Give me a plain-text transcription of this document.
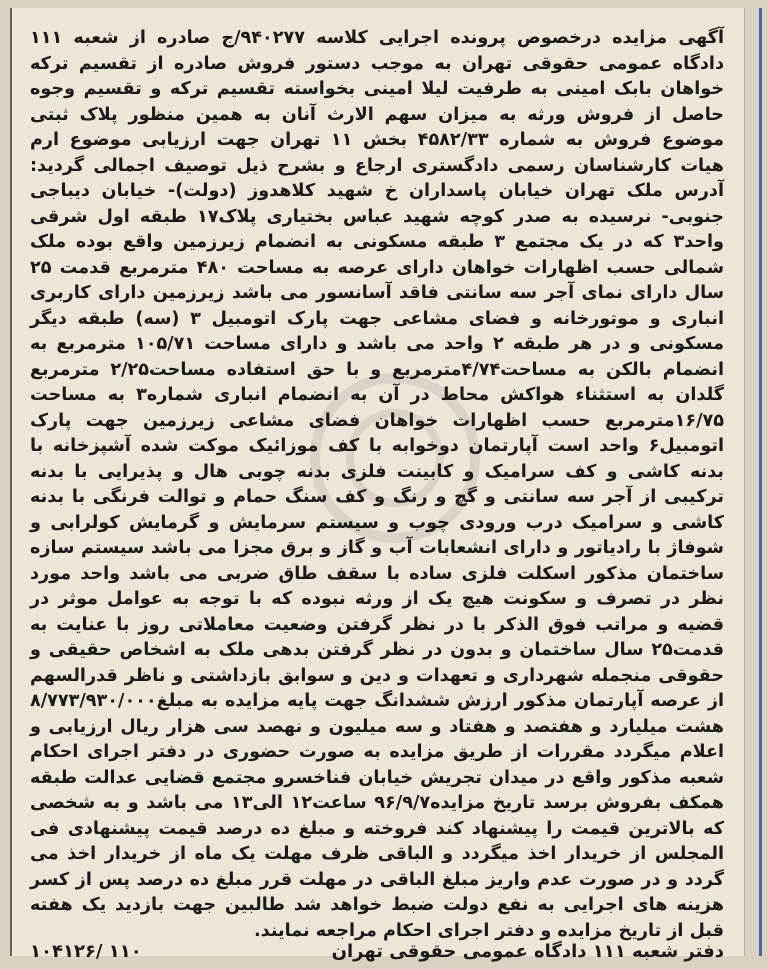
آگهی مزایده درخصوص پرونده اجرایی کلاسه ۹۴۰۲۷۷/ج صادره از شعبه ۱۱۱ دادگاه عمومی حقوقی تهران به موجب دستور فروش صادره از تقسیم ترکه خواهان بابک امینی به طرفیت لیلا امینی بخواسته تقسیم ترکه و تقسیم وجوه حاصل از فروش ورثه به میزان سهم الارث آنان به همین منظور پلاک ثبتی موضوع فروش به شماره ۴۵۸۲/۳۳ بخش ۱۱ تهران جهت ارزیابی موضوع ارم هیات کارشناسان رسمی دادگستری ارجاع و بشرح ذیل توصیف اجمالی گردید: آدرس ملک تهران خیابان پاسداران خ شهید کلاهدوز (دولت)- خیابان دیباجی جنوبی- نرسیده به صدر کوچه شهید عباس بختیاری پلاک۱۷ طبقه اول شرقی واحد۳ که در یک مجتمع ۳ طبقه مسکونی به انضمام زیرزمین واقع بوده ملک شمالی حسب اظهارات خواهان دارای عرصه به مساحت ۴۸۰ مترمربع قدمت ۲۵ سال دارای نمای آجر سه سانتی فاقد آسانسور می باشد زیرزمین دارای کاربری انباری و موتورخانه و فضای مشاعی جهت پارک اتومبیل ۳ (سه) طبقه دیگر مسکونی و در هر طبقه ۲ واحد می باشد و دارای مساحت ۱۰۵/۷۱ مترمربع به انضمام بالکن به مساحت۴/۷۴مترمربع و با حق استفاده مساحت۲/۲۵ مترمربع گلدان به استثناء هواکش محاط در آن به انضمام انباری شماره۳ به مساحت ۱۶/۷۵مترمربع حسب اظهارات خواهان فضای مشاعی زیرزمین جهت پارک اتومبیل۶ واحد است آپارتمان دوخوابه با کف موزائیک موکت شده آشپزخانه با بدنه کاشی و کف سرامیک و کابینت فلزی بدنه چوبی هال و پذیرایی با بدنه ترکیبی از آجر سه سانتی و گچ و رنگ و کف سنگ حمام و توالت فرنگی با بدنه کاشی و سرامیک درب ورودی چوب و سیستم سرمایش و گرمایش کولرابی و شوفاژ با رادیاتور و دارای انشعابات آب و گاز و برق مجزا می باشد سیستم سازه ساختمان مذکور اسکلت فلزی ساده با سقف طاق ضربی می باشد واحد مورد نظر در تصرف و سکونت هیچ یک از ورثه نبوده که با توجه به عوامل موثر در قضیه و مراتب فوق الذکر با در نظر گرفتن وضعیت معاملاتی روز با عنایت به قدمت۲۵ سال ساختمان و بدون در نظر گرفتن بدهی ملک به اشخاص حقیقی و حقوقی منجمله شهرداری و تعهدات و دین و سوابق بازداشتی و ناظر قدرالسهم از عرصه آپارتمان مذکور ارزش ششدانگ جهت پایه مزایده به مبلغ۸/۷۷۳/۹۳۰/۰۰۰ هشت میلیارد و هفتصد و هفتاد و سه میلیون و نهصد سی هزار ریال ارزیابی و اعلام میگردد مقررات از طریق مزایده به صورت حضوری در دفتر اجرای احکام شعبه مذکور واقع در میدان تجریش خیابان فناخسرو مجتمع قضایی عدالت طبقه همکف بفروش برسد تاریخ مزایده۹۶/۹/۷ ساعت۱۲ الی۱۳ می باشد و به شخصی که بالاترین قیمت را پیشنهاد کند فروخته و مبلغ ده درصد قیمت پیشنهادی فی المجلس از خریدار اخذ میگردد و الباقی ظرف مهلت یک ماه از خریدار اخذ می گردد و در صورت عدم واریز مبلغ الباقی در مهلت قرر مبلغ ده درصد پس از کسر هزینه های اجرایی به نفع دولت ضبط خواهد شد طالبین جهت بازدید یک هفته قبل از تاریخ مزایده و دفتر اجرای احکام مراجعه نمایند.
دفتر شعبه ۱۱۱ دادگاه عمومی حقوقی تهران
۱۱۰ /۱۰۴۱۲۶
